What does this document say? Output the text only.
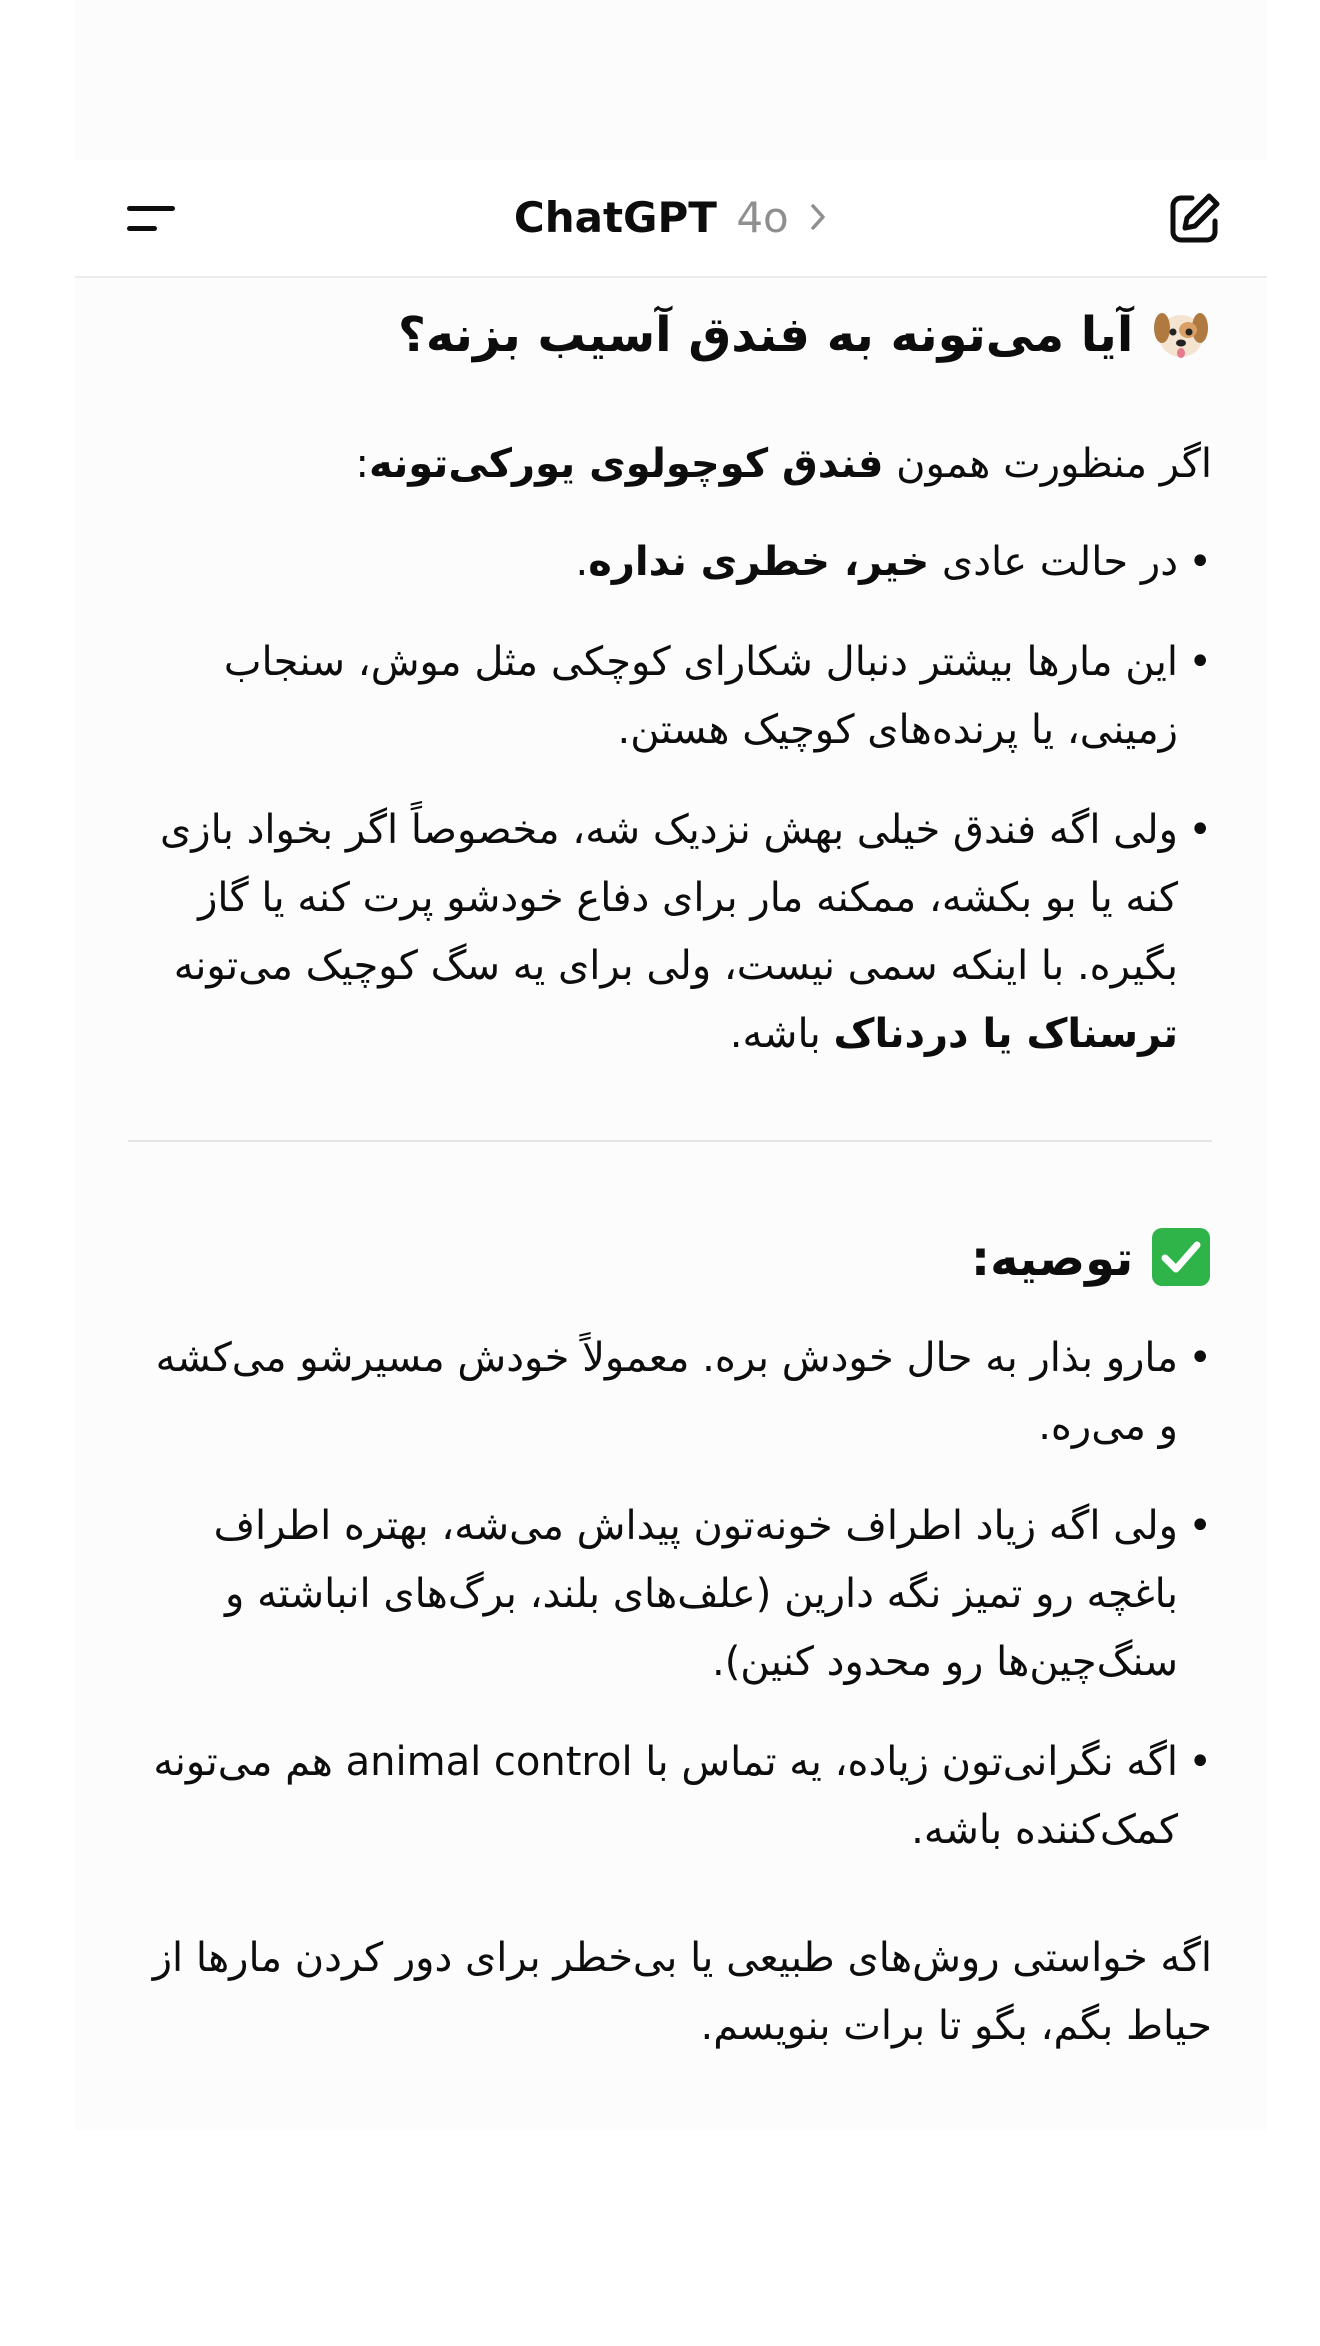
ChatGPT 4o
آیا می‌تونه به فندق آسیب بزنه؟

اگر منظورت همون فندق کوچولوی یورکی‌تونه:

• در حالت عادی خیر، خطری نداره.
• این مارها بیشتر دنبال شکارای کوچکی مثل موش، سنجاب زمینی، یا پرنده‌های کوچیک هستن.
• ولی اگه فندق خیلی بهش نزدیک شه، مخصوصاً اگر بخواد بازی کنه یا بو بکشه، ممکنه مار برای دفاع خودشو پرت کنه یا گاز بگیره. با اینکه سمی نیست، ولی برای یه سگ کوچیک می‌تونه ترسناک یا دردناک باشه.
توصیه:
• مارو بذار به حال خودش بره. معمولاً خودش مسیرشو می‌کشه و می‌ره.
• ولی اگه زیاد اطراف خونه‌تون پیداش می‌شه، بهتره اطراف باغچه رو تمیز نگه دارین (علف‌های بلند، برگ‌های انباشته و سنگ‌چین‌ها رو محدود کنین).
• اگه نگرانی‌تون زیاده، یه تماس با animal control هم می‌تونه کمک‌کننده باشه.

اگه خواستی روش‌های طبیعی یا بی‌خطر برای دور کردن مارها از حیاط بگم، بگو تا برات بنویسم.
